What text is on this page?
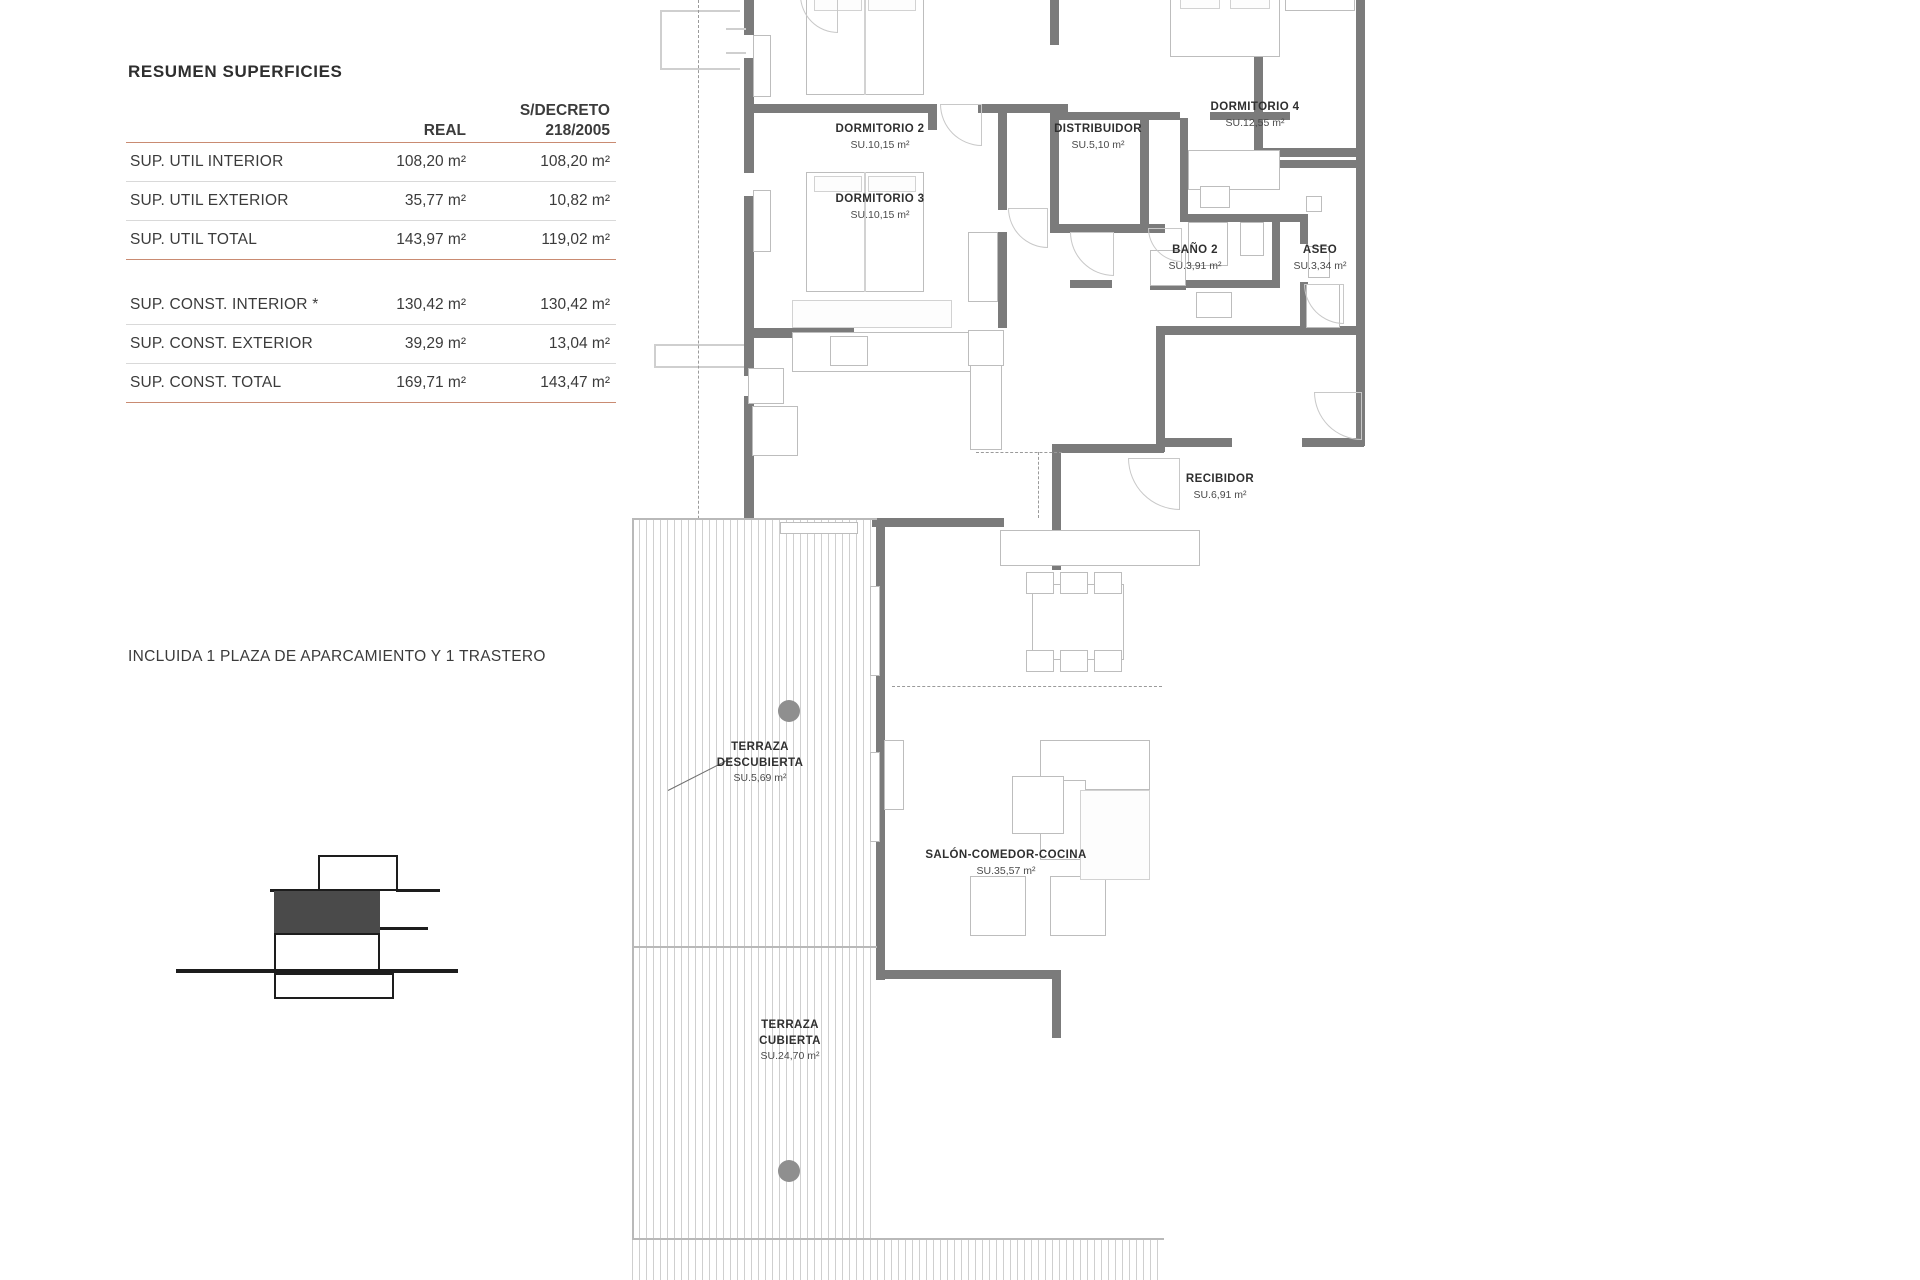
RESUMEN SUPERFICIES
	REAL	S/DECRETO
218/2005
SUP. UTIL INTERIOR	108,20 m²	108,20 m²
SUP. UTIL EXTERIOR	35,77 m²	10,82 m²
SUP. UTIL TOTAL	143,97 m²	119,02 m²

SUP. CONST. INTERIOR *	130,42 m²	130,42 m²
SUP. CONST. EXTERIOR	39,29 m²	13,04 m²
SUP. CONST. TOTAL	169,71 m²	143,47 m²
INCLUIDA 1 PLAZA DE APARCAMIENTO Y 1 TRASTERO
DORMITORIO 2
SU.10,15 m²
DORMITORIO 3
SU.10,15 m²
DORMITORIO 4
SU.12,55 m²
DISTRIBUIDOR
SU.5,10 m²
BAÑO 2
SU.3,91 m²
ASEO
SU.3,34 m²
RECIBIDOR
SU.6,91 m²
SALÓN-COMEDOR-COCINA
SU.35,57 m²
TERRAZA
DESCUBIERTA
SU.5,69 m²
TERRAZA
CUBIERTA
SU.24,70 m²
